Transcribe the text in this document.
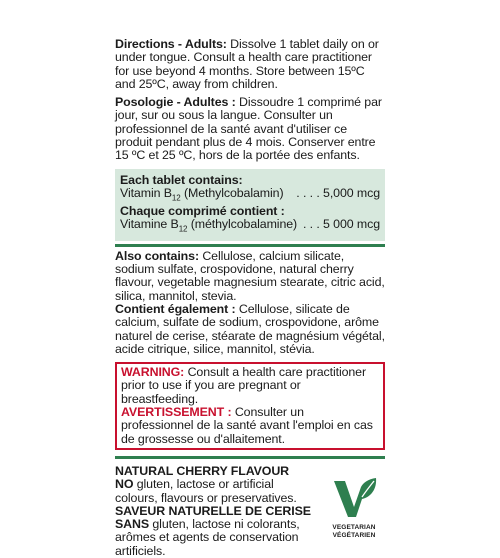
Directions - Adults: Dissolve 1 tablet daily on or under tongue. Consult a health care practitioner for use beyond 4 months. Store between 15ºC and 25ºC, away from children.

Posologie - Adultes : Dissoudre 1 comprimé par jour, sur ou sous la langue. Consulter un professionnel de la santé avant d'utiliser ce produit pendant plus de 4 mois. Conserver entre 15 ºC et 25 ºC, hors de la portée des enfants.

Each tablet contains:
Vitamin $B_{12}$ (Methylcobalamin) . . . . 5,000 mcg
Chaque comprimé contient :
Vitamine $B_{12}$ (méthylcobalamine) . . . 5 000 mcg

Also contains: Cellulose, calcium silicate, sodium sulfate, crospovidone, natural cherry flavour, vegetable magnesium stearate, citric acid, silica, mannitol, stevia.

Contient également : Cellulose, silicate de calcium, sulfate de sodium, crospovidone, arôme naturel de cerise, stéarate de magnésium végétal, acide citrique, silice, mannitol, stévia.

WARNING: Consult a health care practitioner prior to use if you are pregnant or breastfeeding.

AVERTISSEMENT : Consulter un professionnel de la santé avant l'emploi en cas de grossesse ou d'allaitement.

NATURAL CHERRY FLAVOUR

NO gluten, lactose or artificial colours, flavours or preservatives.

SAVEUR NATURELLE DE CERISE

SANS gluten, lactose ni colorants, arômes et agents de conservation artificiels.

VEGETARIAN
VÉGÉTARIEN
